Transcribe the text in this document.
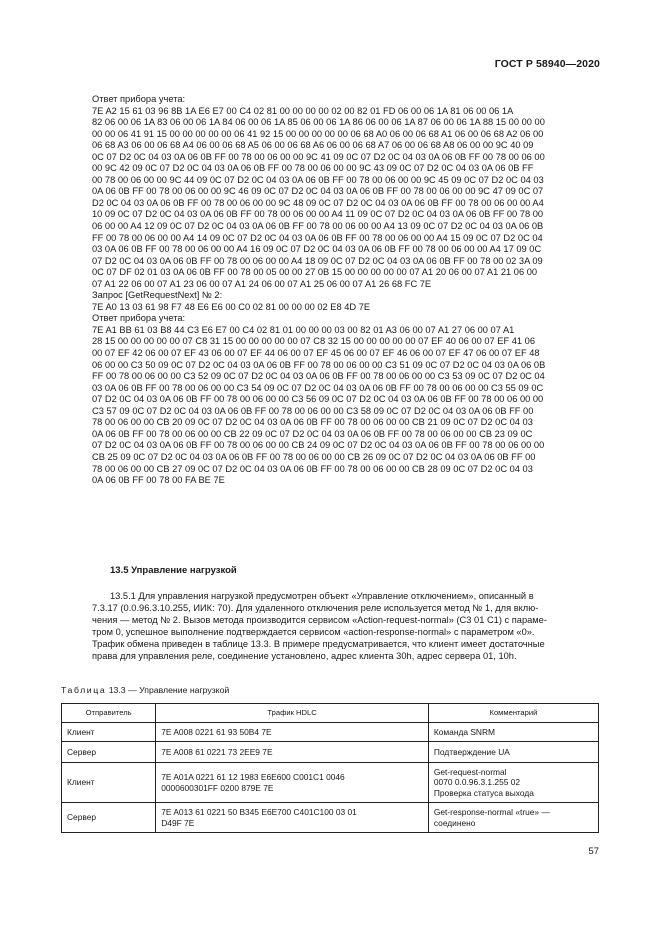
ГОСТ Р 58940—2020

Ответ прибора учета:

7E A2 15 61 03 96 8B 1A E6 E7 00 C4 02 81 00 00 00 00 02 00 82 01 FD 06 00 06 1A 81 06 00 06 1A
82 06 00 06 1A 83 06 00 06 1A 84 06 00 06 1A 85 06 00 06 1A 86 06 00 06 1A 87 06 00 06 1A 88 15 00 00 00
00 00 06 41 91 15 00 00 00 00 00 06 41 92 15 00 00 00 00 00 06 68 A0 06 00 06 68 A1 06 00 06 68 A2 06 00
06 68 A3 06 00 06 68 A4 06 00 06 68 A5 06 00 06 68 A6 06 00 06 68 A7 06 00 06 68 A8 06 00 00 9C 40 09
0C 07 D2 0C 04 03 0A 06 0B FF 00 78 00 06 00 00 9C 41 09 0C 07 D2 0C 04 03 0A 06 0B FF 00 78 00 06 00
00 9C 42 09 0C 07 D2 0C 04 03 0A 06 0B FF 00 78 00 06 00 00 9C 43 09 0C 07 D2 0C 04 03 0A 06 0B FF
00 78 00 06 00 00 9C 44 09 0C 07 D2 0C 04 03 0A 06 0B FF 00 78 00 06 00 00 9C 45 09 0C 07 D2 0C 04 03
0A 06 0B FF 00 78 00 06 00 00 9C 46 09 0C 07 D2 0C 04 03 0A 06 0B FF 00 78 00 06 00 00 9C 47 09 0C 07
D2 0C 04 03 0A 06 0B FF 00 78 00 06 00 00 9C 48 09 0C 07 D2 0C 04 03 0A 06 0B FF 00 78 00 06 00 00 A4
10 09 0C 07 D2 0C 04 03 0A 06 0B FF 00 78 00 06 00 00 A4 11 09 0C 07 D2 0C 04 03 0A 06 0B FF 00 78 00
06 00 00 A4 12 09 0C 07 D2 0C 04 03 0A 06 0B FF 00 78 00 06 00 00 A4 13 09 0C 07 D2 0C 04 03 0A 06 0B
FF 00 78 00 06 00 00 A4 14 09 0C 07 D2 0C 04 03 0A 06 0B FF 00 78 00 06 00 00 A4 15 09 0C 07 D2 0C 04
03 0A 06 0B FF 00 78 00 06 00 00 A4 16 09 0C 07 D2 0C 04 03 0A 06 0B FF 00 78 00 06 00 00 A4 17 09 0C
07 D2 0C 04 03 0A 06 0B FF 00 78 00 06 00 00 A4 18 09 0C 07 D2 0C 04 03 0A 06 0B FF 00 78 00 02 3A 09
0C 07 DF 02 01 03 0A 06 0B FF 00 78 00 05 00 00 27 0B 15 00 00 00 00 00 07 A1 20 06 00 07 A1 21 06 00
07 A1 22 06 00 07 A1 23 06 00 07 A1 24 06 00 07 A1 25 06 00 07 A1 26 68 FC 7E

Запрос [GetRequestNext] № 2:

7E A0 13 03 61 98 F7 48 E6 E6 00 C0 02 81 00 00 00 02 E8 4D 7E

Ответ прибора учета:

7E A1 BB 61 03 B8 44 C3 E6 E7 00 C4 02 81 01 00 00 00 03 00 82 01 A3 06 00 07 A1 27 06 00 07 A1
28 15 00 00 00 00 00 07 C8 31 15 00 00 00 00 00 07 C8 32 15 00 00 00 00 00 07 EF 40 06 00 07 EF 41 06
00 07 EF 42 06 00 07 EF 43 06 00 07 EF 44 06 00 07 EF 45 06 00 07 EF 46 06 00 07 EF 47 06 00 07 EF 48
06 00 00 C3 50 09 0C 07 D2 0C 04 03 0A 06 0B FF 00 78 00 06 00 00 C3 51 09 0C 07 D2 0C 04 03 0A 06 0B
FF 00 78 00 06 00 00 C3 52 09 0C 07 D2 0C 04 03 0A 06 0B FF 00 78 00 06 00 00 C3 53 09 0C 07 D2 0C 04
03 0A 06 0B FF 00 78 00 06 00 00 C3 54 09 0C 07 D2 0C 04 03 0A 06 0B FF 00 78 00 06 00 00 C3 55 09 0C
07 D2 0C 04 03 0A 06 0B FF 00 78 00 06 00 00 C3 56 09 0C 07 D2 0C 04 03 0A 06 0B FF 00 78 00 06 00 00
C3 57 09 0C 07 D2 0C 04 03 0A 06 0B FF 00 78 00 06 00 00 C3 58 09 0C 07 D2 0C 04 03 0A 06 0B FF 00
78 00 06 00 00 CB 20 09 0C 07 D2 0C 04 03 0A 06 0B FF 00 78 00 06 00 00 CB 21 09 0C 07 D2 0C 04 03
0A 06 0B FF 00 78 00 06 00 00 CB 22 09 0C 07 D2 0C 04 03 0A 06 0B FF 00 78 00 06 00 00 CB 23 09 0C
07 D2 0C 04 03 0A 06 0B FF 00 78 00 06 00 00 CB 24 09 0C 07 D2 0C 04 03 0A 06 0B FF 00 78 00 06 00 00
CB 25 09 0C 07 D2 0C 04 03 0A 06 0B FF 00 78 00 06 00 00 CB 26 09 0C 07 D2 0C 04 03 0A 06 0B FF 00
78 00 06 00 00 CB 27 09 0C 07 D2 0C 04 03 0A 06 0B FF 00 78 00 06 00 00 CB 28 09 0C 07 D2 0C 04 03
0A 06 0B FF 00 78 00 FA BE 7E
13.5 Управление нагрузкой
13.5.1 Для управления нагрузкой предусмотрен объект «Управление отключением», описанный в
7.3.17 (0.0.96.3.10.255, ИИК: 70). Для удаленного отключения реле используется метод № 1, для вклю-
чения — метод № 2. Вызов метода производится сервисом «Action-request-normal» (C3 01 C1) с параме-
тром 0, успешное выполнение подтверждается сервисом «action-response-normal» с параметром «0».
Трафик обмена приведен в таблице 13.3. В примере предусматривается, что клиент имеет достаточные
права для управления реле, соединение установлено, адрес клиента 30h, адрес сервера 01, 10h.
Таблица 13.3 — Управление нагрузкой
Отправитель	Трафик HDLC	Комментарий
Клиент	7E A008 0221 61 93 50B4 7E	Команда SNRM

Сервер	7E A008 61 0221 73 2EE9 7E	Подтверждение UA

Клиент	7E A01A 0221 61 12 1983 E6E600 C001C1 0046
0000600301FF 0200 879E 7E	Get-request-normal
0070 0.0.96.3.1.255 02
Проверка статуса выхода

Сервер	7E A013 61 0221 50 B345 E6E700 C401C100 03 01
D49F 7E	Get-response-normal «true» —
соединено
57
